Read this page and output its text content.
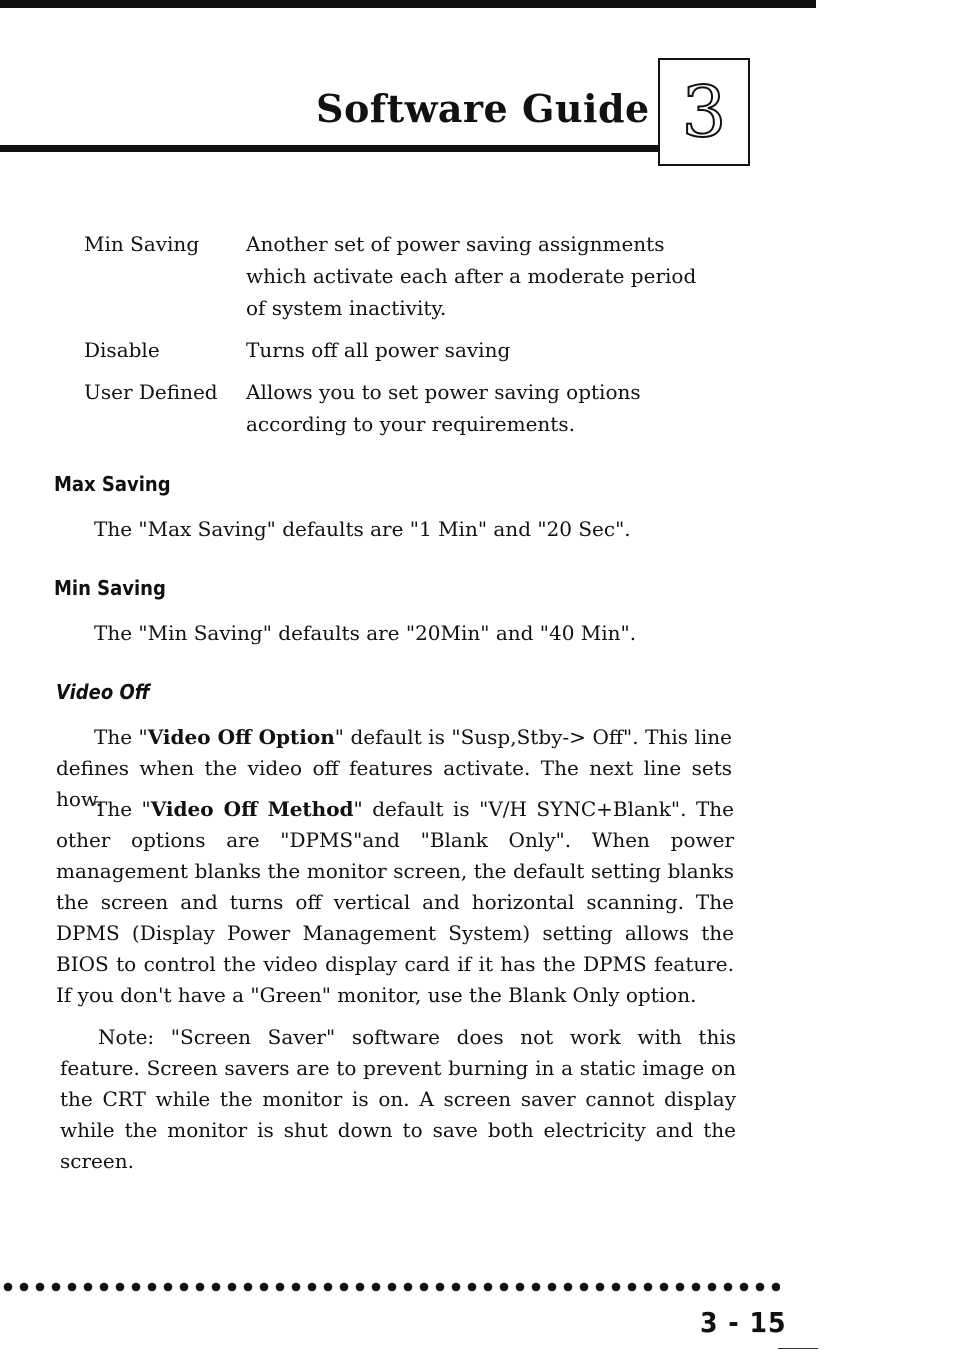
Software Guide 3
Min Saving	Another set of power saving assignments which activate each after a moderate period of system inactivity.
Disable	Turns off all power saving
User Defined	Allows you to set power saving options according to your requirements.
Max Saving

The "Max Saving" defaults are "1 Min" and "20 Sec".

Min Saving

The "Min Saving" defaults are "20Min" and "40 Min".

Video Off

The "Video Off Option" default is "Susp,Stby-> Off". This line defines when the video off features activate. The next line sets how.

The "Video Off Method" default is "V/H SYNC+Blank". The other options are "DPMS"and "Blank Only". When power management blanks the monitor screen, the default setting blanks the screen and turns off vertical and horizontal scanning. The DPMS (Display Power Management System) setting allows the BIOS to control the video display card if it has the DPMS feature. If you don't have a "Green" monitor, use the Blank Only option.

Note: "Screen Saver" software does not work with this feature. Screen savers are to prevent burning in a static image on the CRT while the monitor is on. A screen saver cannot display while the monitor is shut down to save both electricity and the screen.

3 - 15
